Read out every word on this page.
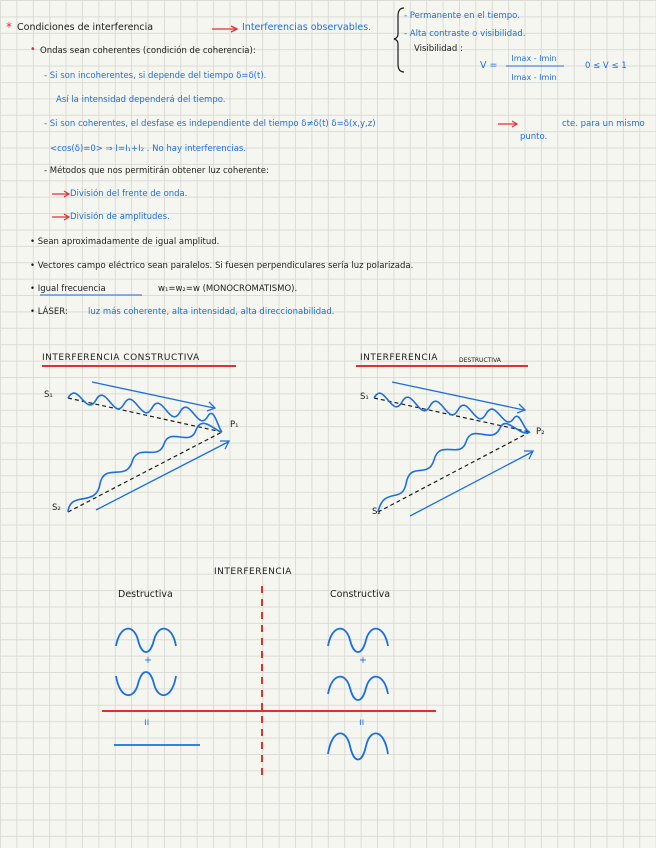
* Condiciones de interferencia	Interferencias observables.
- Permanente en el tiempo.
- Alta contraste o visibilidad.
Visibilidad :
V =
Imax - Imin
Imax - Imin
0 ≤ V ≤ 1
• Ondas sean coherentes (condición de coherencia):
- Si son incoherentes, si depende del tiempo δ=δ(t).
Así la intensidad dependerá del tiempo.
- Si son coherentes, el desfase es independiente del tiempo δ≠δ(t) δ=δ(x,y,z)	cte. para un mismo
punto.
<cos(δ)=0> ⇒ I=I₁+I₂ . No hay interferencias.
- Métodos que nos permitirán obtener luz coherente:
División del frente de onda.
División de amplitudes.
• Sean aproximadamente de igual amplitud.
• Vectores campo eléctrico sean paralelos. Si fuesen perpendiculares sería luz polarizada.
• Igual frecuencia	w₁=w₂=w (MONOCROMATISMO).
• LÁSER: luz más coherente, alta intensidad, alta direccionabilidad.
INTERFERENCIA CONSTRUCTIVA	INTERFERENCIA	DESTRUCTIVA
S₁
S₂
P₁
S₁
S₂
P₂
INTERFERENCIA
Destructiva	Constructiva
+	+
ıı	ıı
